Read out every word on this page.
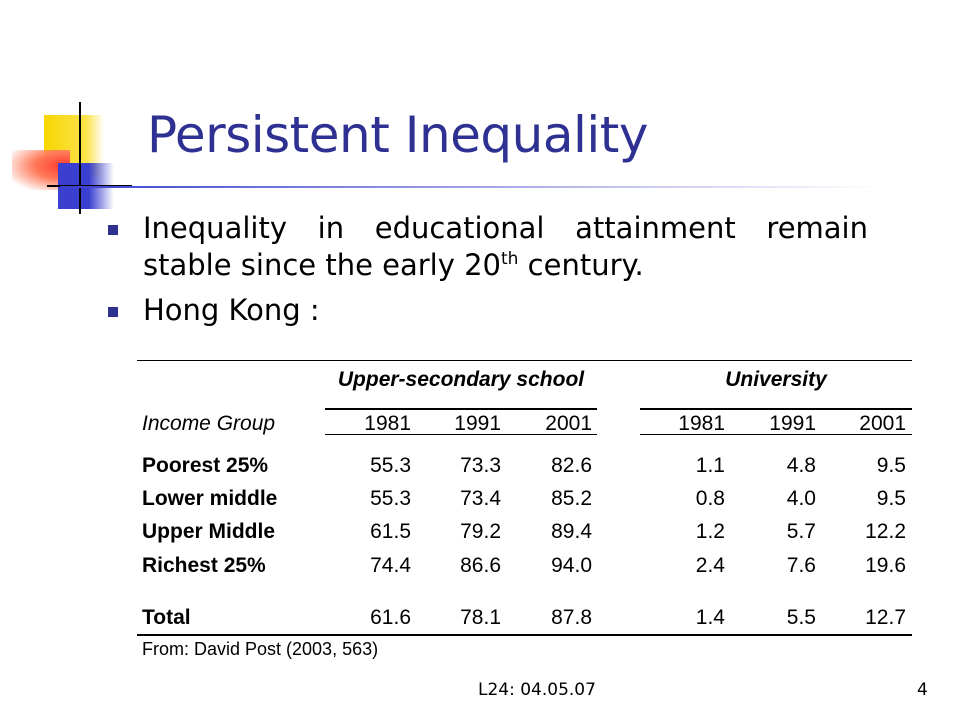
Persistent Inequality
Inequality in educational attainment remain stable since the early 20th century.
Hong Kong :
Upper-secondary school	University
Income Group	1981	1991	2001	1981	1991	2001
Poorest 25%	55.3	73.3	82.6	1.1	4.8	9.5
Lower middle	55.3	73.4	85.2	0.8	4.0	9.5
Upper Middle	61.5	79.2	89.4	1.2	5.7	12.2
Richest 25%	74.4	86.6	94.0	2.4	7.6	19.6
Total	61.6	78.1	87.8	1.4	5.5	12.7
From: David Post (2003, 563)
L24: 04.05.07	4
